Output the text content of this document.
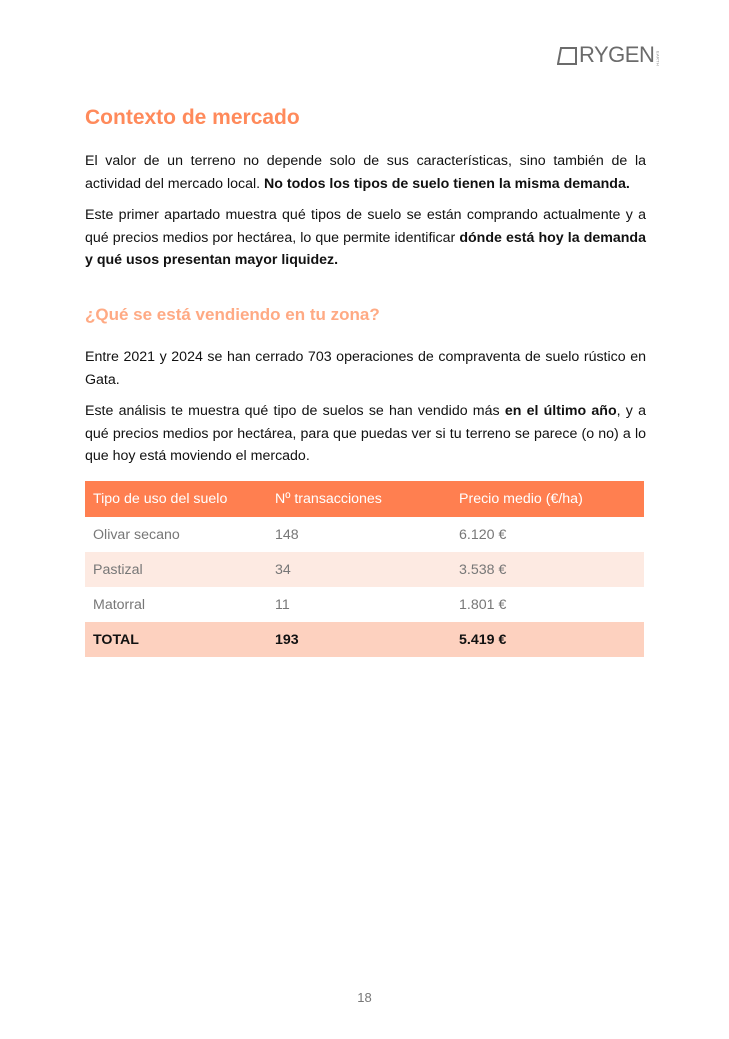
RYGEN EARTH
Contexto de mercado

El valor de un terreno no depende solo de sus características, sino también de la actividad del mercado local. No todos los tipos de suelo tienen la misma demanda.

Este primer apartado muestra qué tipos de suelo se están comprando actualmente y a qué precios medios por hectárea, lo que permite identificar dónde está hoy la demanda y qué usos presentan mayor liquidez.

¿Qué se está vendiendo en tu zona?

Entre 2021 y 2024 se han cerrado 703 operaciones de compraventa de suelo rústico en Gata.

Este análisis te muestra qué tipo de suelos se han vendido más en el último año, y a qué precios medios por hectárea, para que puedas ver si tu terreno se parece (o no) a lo que hoy está moviendo el mercado.

Tipo de uso del suelo	Nº transacciones	Precio medio (€/ha)
Olivar secano	148	6.120 €
Pastizal	34	3.538 €
Matorral	11	1.801 €
TOTAL	193	5.419 €
18
